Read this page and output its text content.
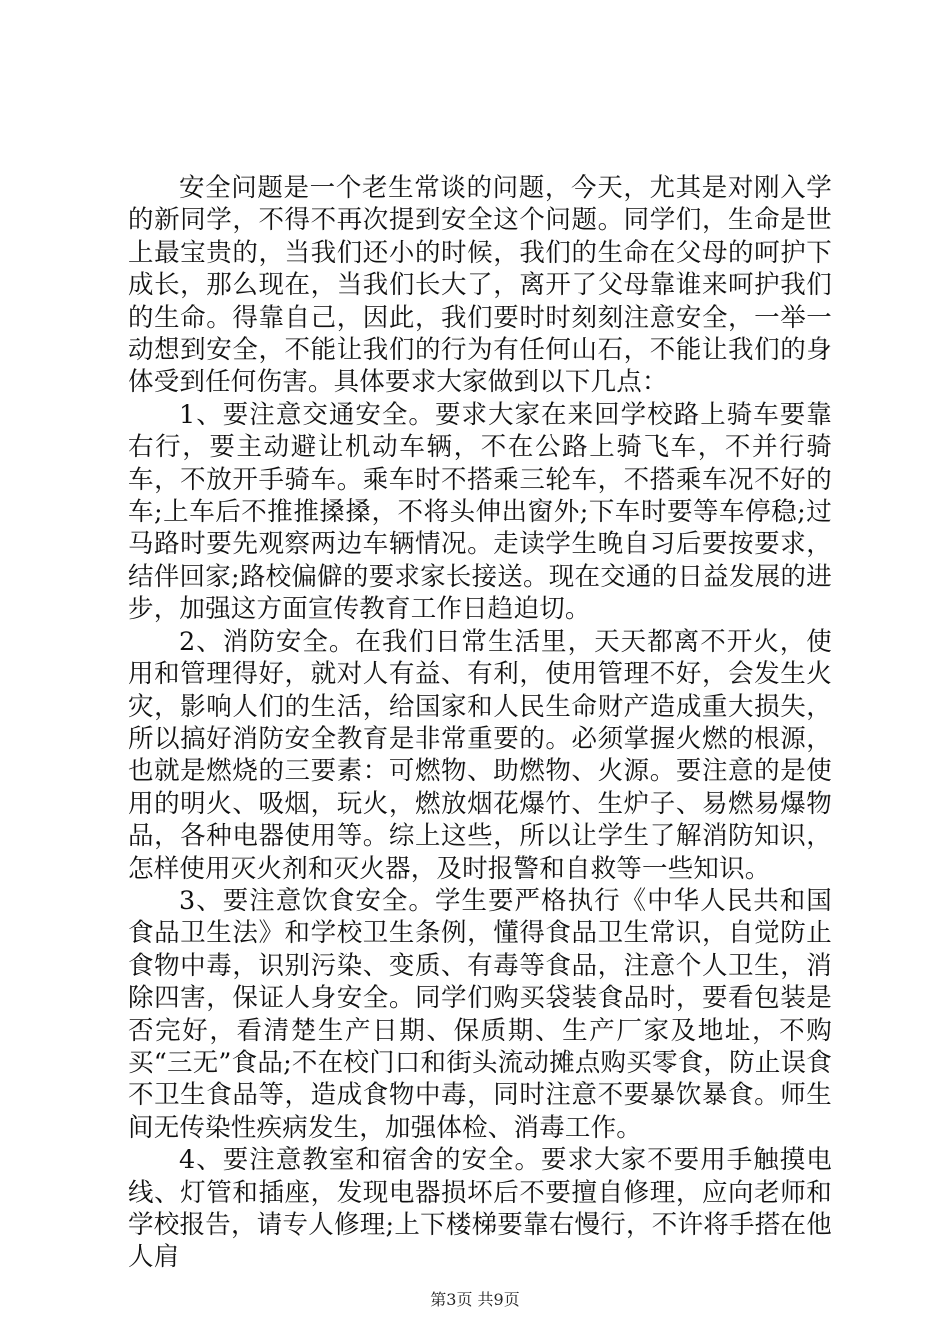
安全问题是一个老生常谈的问题，今天，尤其是对刚入学的新同学，不得不再次提到安全这个问题。同学们，生命是世上最宝贵的，当我们还小的时候，我们的生命在父母的呵护下成长，那么现在，当我们长大了，离开了父母靠谁来呵护我们的生命。得靠自己，因此，我们要时时刻刻注意安全，一举一动想到安全，不能让我们的行为有任何山石，不能让我们的身体受到任何伤害。具体要求大家做到以下几点：

1、要注意交通安全。要求大家在来回学校路上骑车要靠右行，要主动避让机动车辆，不在公路上骑飞车，不并行骑车，不放开手骑车。乘车时不搭乘三轮车，不搭乘车况不好的车;上车后不推推搡搡，不将头伸出窗外;下车时要等车停稳;过马路时要先观察两边车辆情况。走读学生晚自习后要按要求，结伴回家;路校偏僻的要求家长接送。现在交通的日益发展的进步，加强这方面宣传教育工作日趋迫切。

2、消防安全。在我们日常生活里，天天都离不开火，使用和管理得好，就对人有益、有利，使用管理不好，会发生火灾，影响人们的生活，给国家和人民生命财产造成重大损失，所以搞好消防安全教育是非常重要的。必须掌握火燃的根源，也就是燃烧的三要素：可燃物、助燃物、火源。要注意的是使用的明火、吸烟，玩火，燃放烟花爆竹、生炉子、易燃易爆物品，各种电器使用等。综上这些，所以让学生了解消防知识，怎样使用灭火剂和灭火器，及时报警和自救等一些知识。

3、要注意饮食安全。学生要严格执行《中华人民共和国食品卫生法》和学校卫生条例，懂得食品卫生常识，自觉防止食物中毒，识别污染、变质、有毒等食品，注意个人卫生，消除四害，保证人身安全。同学们购买袋装食品时，要看包装是否完好，看清楚生产日期、保质期、生产厂家及地址，不购买“三无”食品;不在校门口和街头流动摊点购买零食，防止误食不卫生食品等，造成食物中毒，同时注意不要暴饮暴食。师生间无传染性疾病发生，加强体检、消毒工作。

4、要注意教室和宿舍的安全。要求大家不要用手触摸电线、灯管和插座，发现电器损坏后不要擅自修理，应向老师和学校报告，请专人修理;上下楼梯要靠右慢行，不许将手搭在他人肩

第3页 共9页
